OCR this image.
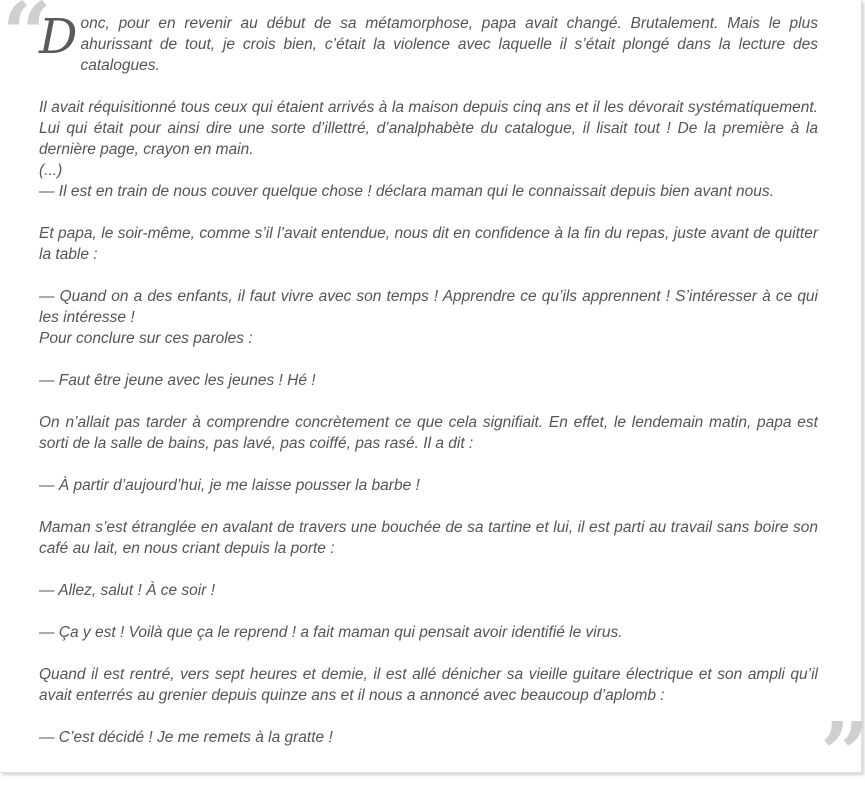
“

Donc, pour en revenir au début de sa métamorphose, papa avait changé. Brutalement. Mais le plus ahurissant de tout, je crois bien, c’était la violence avec laquelle il s’était plongé dans la lecture des catalogues.

Il avait réquisitionné tous ceux qui étaient arrivés à la maison depuis cinq ans et il les dévorait systématiquement. Lui qui était pour ainsi dire une sorte d’illettré, d’analphabète du catalogue, il lisait tout ! De la première à la dernière page, crayon en main.

(...)

— Il est en train de nous couver quelque chose ! déclara maman qui le connaissait depuis bien avant nous.

Et papa, le soir-même, comme s’il l’avait entendue, nous dit en confidence à la fin du repas, juste avant de quitter la table :

— Quand on a des enfants, il faut vivre avec son temps ! Apprendre ce qu’ils apprennent ! S’intéresser à ce qui les intéresse !

Pour conclure sur ces paroles :

— Faut être jeune avec les jeunes ! Hé !

On n’allait pas tarder à comprendre concrètement ce que cela signifiait. En effet, le lendemain matin, papa est sorti de la salle de bains, pas lavé, pas coiffé, pas rasé. Il a dit :

— À partir d’aujourd’hui, je me laisse pousser la barbe !

Maman s’est étranglée en avalant de travers une bouchée de sa tartine et lui, il est parti au travail sans boire son café au lait, en nous criant depuis la porte :

— Allez, salut ! À ce soir !

— Ça y est ! Voilà que ça le reprend ! a fait maman qui pensait avoir identifié le virus.

Quand il est rentré, vers sept heures et demie, il est allé dénicher sa vieille guitare électrique et son ampli qu’il avait enterrés au grenier depuis quinze ans et il nous a annoncé avec beaucoup d’aplomb :

— C’est décidé ! Je me remets à la gratte !	”
